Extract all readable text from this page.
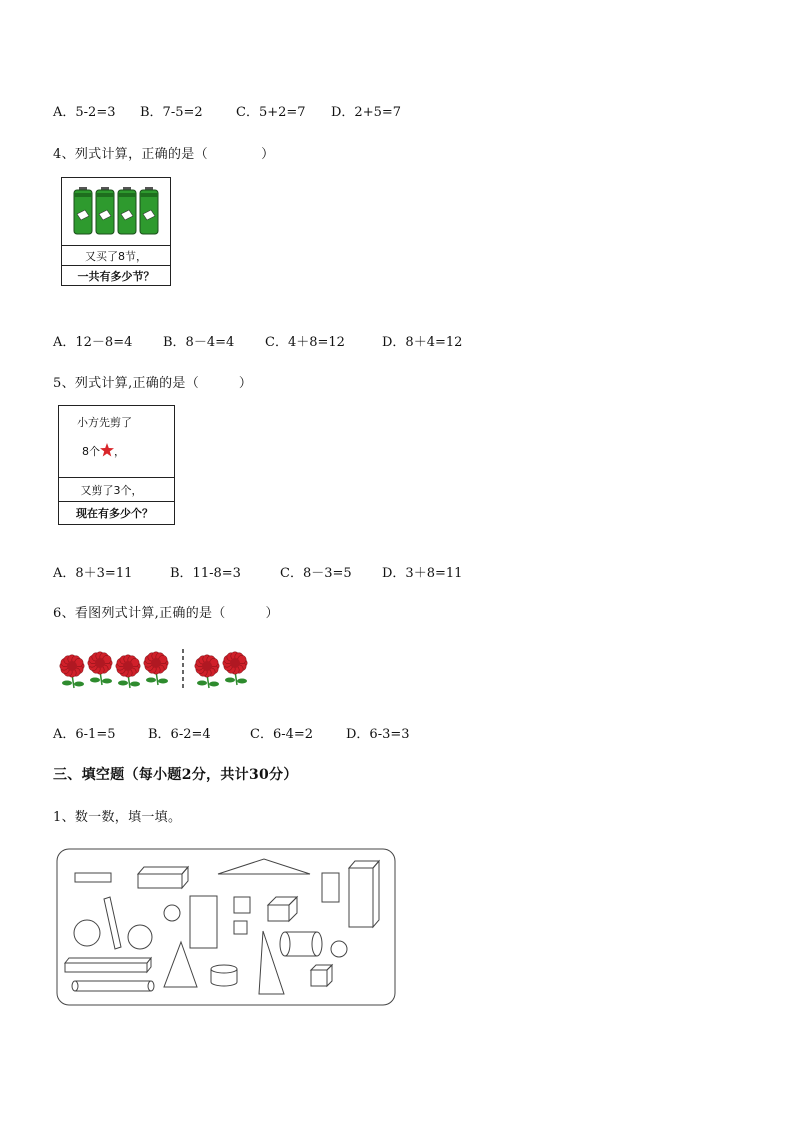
A．5-2=3 B．7-5=2	C．5+2=7 D．2+5=7
4、列式计算，正确的是（　　　　）
又买了8节，
一共有多少节？
A．12－8=4 B．8－4=4 C．4＋8=12	D．8＋4=12
5、列式计算,正确的是（　　　）
小方先剪了
8个 ，
又剪了3个，
现在有多少个？
A．8＋3=11	B．11-8=3	C．8－3=5 D．3＋8=11
6、看图列式计算,正确的是（　　　）
A．6-1=5	B．6-2=4	C．6-4=2	D．6-3=3
三、填空题（每小题2分，共计30分）
1、数一数，填一填。
